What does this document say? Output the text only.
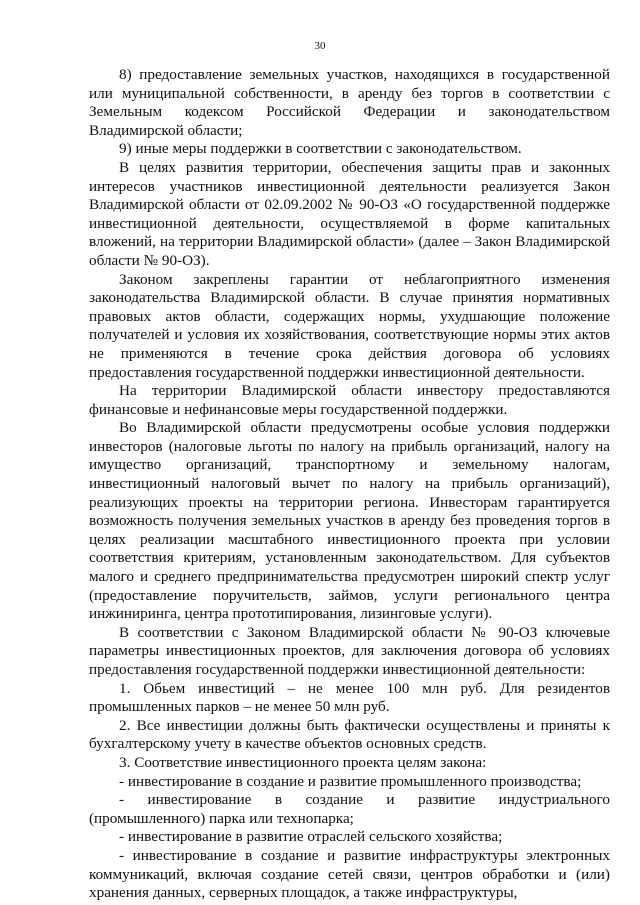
30

8) предоставление земельных участков, находящихся в государственной или муниципальной собственности, в аренду без торгов в соответствии с Земельным кодексом Российской Федерации и законодательством Владимирской области;

9) иные меры поддержки в соответствии с законодательством.

В целях развития территории, обеспечения защиты прав и законных интересов участников инвестиционной деятельности реализуется Закон Владимирской области от 02.09.2002 № 90-ОЗ «О государственной поддержке инвестиционной деятельности, осуществляемой в форме капитальных вложений, на территории Владимирской области» (далее – Закон Владимирской области № 90-ОЗ).

Законом закреплены гарантии от неблагоприятного изменения законодательства Владимирской области. В случае принятия нормативных правовых актов области, содержащих нормы, ухудшающие положение получателей и условия их хозяйствования, соответствующие нормы этих актов не применяются в течение срока действия договора об условиях предоставления государственной поддержки инвестиционной деятельности.

На территории Владимирской области инвестору предоставляются финансовые и нефинансовые меры государственной поддержки.

Во Владимирской области предусмотрены особые условия поддержки инвесторов (налоговые льготы по налогу на прибыль организаций, налогу на имущество организаций, транспортному и земельному налогам, инвестиционный налоговый вычет по налогу на прибыль организаций), реализующих проекты на территории региона. Инвесторам гарантируется возможность получения земельных участков в аренду без проведения торгов в целях реализации масштабного инвестиционного проекта при условии соответствия критериям, установленным законодательством. Для субъектов малого и среднего предпринимательства предусмотрен широкий спектр услуг (предоставление поручительств, займов, услуги регионального центра инжиниринга, центра прототипирования, лизинговые услуги).

В соответствии с Законом Владимирской области № 90-ОЗ ключевые параметры инвестиционных проектов, для заключения договора об условиях предоставления государственной поддержки инвестиционной деятельности:

1. Обьем инвестиций – не менее 100 млн руб. Для резидентов промышленных парков – не менее 50 млн руб.

2. Все инвестиции должны быть фактически осуществлены и приняты к бухгалтерскому учету в качестве объектов основных средств.

3. Соответствие инвестиционного проекта целям закона:

- инвестирование в создание и развитие промышленного производства;

- инвестирование в создание и развитие индустриального (промышленного) парка или технопарка;

- инвестирование в развитие отраслей сельского хозяйства;

- инвестирование в создание и развитие инфраструктуры электронных коммуникаций, включая создание сетей связи, центров обработки и (или) хранения данных, серверных площадок, а также инфраструктуры,
